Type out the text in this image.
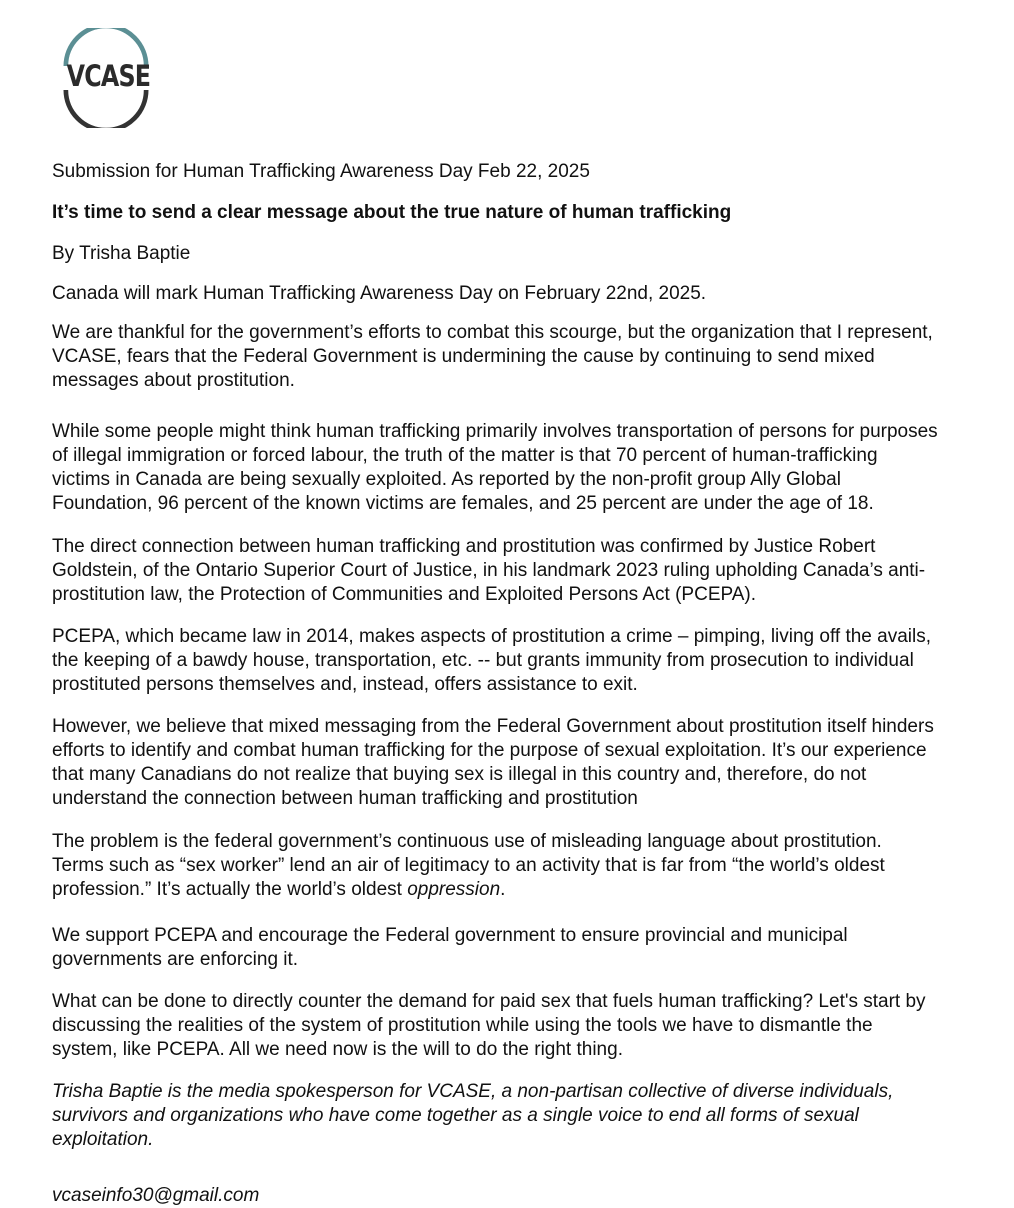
VCASE
Submission for Human Trafficking Awareness Day Feb 22, 2025
It’s time to send a clear message about the true nature of human trafficking
By Trisha Baptie
Canada will mark Human Trafficking Awareness Day on February 22nd, 2025.
We are thankful for the government’s efforts to combat this scourge, but the organization that I represent,
VCASE, fears that the Federal Government is undermining the cause by continuing to send mixed
messages about prostitution.
While some people might think human trafficking primarily involves transportation of persons for purposes
of illegal immigration or forced labour, the truth of the matter is that 70 percent of human-trafficking
victims in Canada are being sexually exploited. As reported by the non-profit group Ally Global
Foundation, 96 percent of the known victims are females, and 25 percent are under the age of 18.
The direct connection between human trafficking and prostitution was confirmed by Justice Robert
Goldstein, of the Ontario Superior Court of Justice, in his landmark 2023 ruling upholding Canada’s anti-
prostitution law, the Protection of Communities and Exploited Persons Act (PCEPA).
PCEPA, which became law in 2014, makes aspects of prostitution a crime – pimping, living off the avails,
the keeping of a bawdy house, transportation, etc. -- but grants immunity from prosecution to individual
prostituted persons themselves and, instead, offers assistance to exit.
However, we believe that mixed messaging from the Federal Government about prostitution itself hinders
efforts to identify and combat human trafficking for the purpose of sexual exploitation. It’s our experience
that many Canadians do not realize that buying sex is illegal in this country and, therefore, do not
understand the connection between human trafficking and prostitution
The problem is the federal government’s continuous use of misleading language about prostitution.
Terms such as “sex worker” lend an air of legitimacy to an activity that is far from “the world’s oldest
profession.” It’s actually the world’s oldest oppression.
We support PCEPA and encourage the Federal government to ensure provincial and municipal
governments are enforcing it.
What can be done to directly counter the demand for paid sex that fuels human trafficking? Let's start by
discussing the realities of the system of prostitution while using the tools we have to dismantle the
system, like PCEPA. All we need now is the will to do the right thing.
Trisha Baptie is the media spokesperson for VCASE, a non-partisan collective of diverse individuals,
survivors and organizations who have come together as a single voice to end all forms of sexual
exploitation.
vcaseinfo30@gmail.com
